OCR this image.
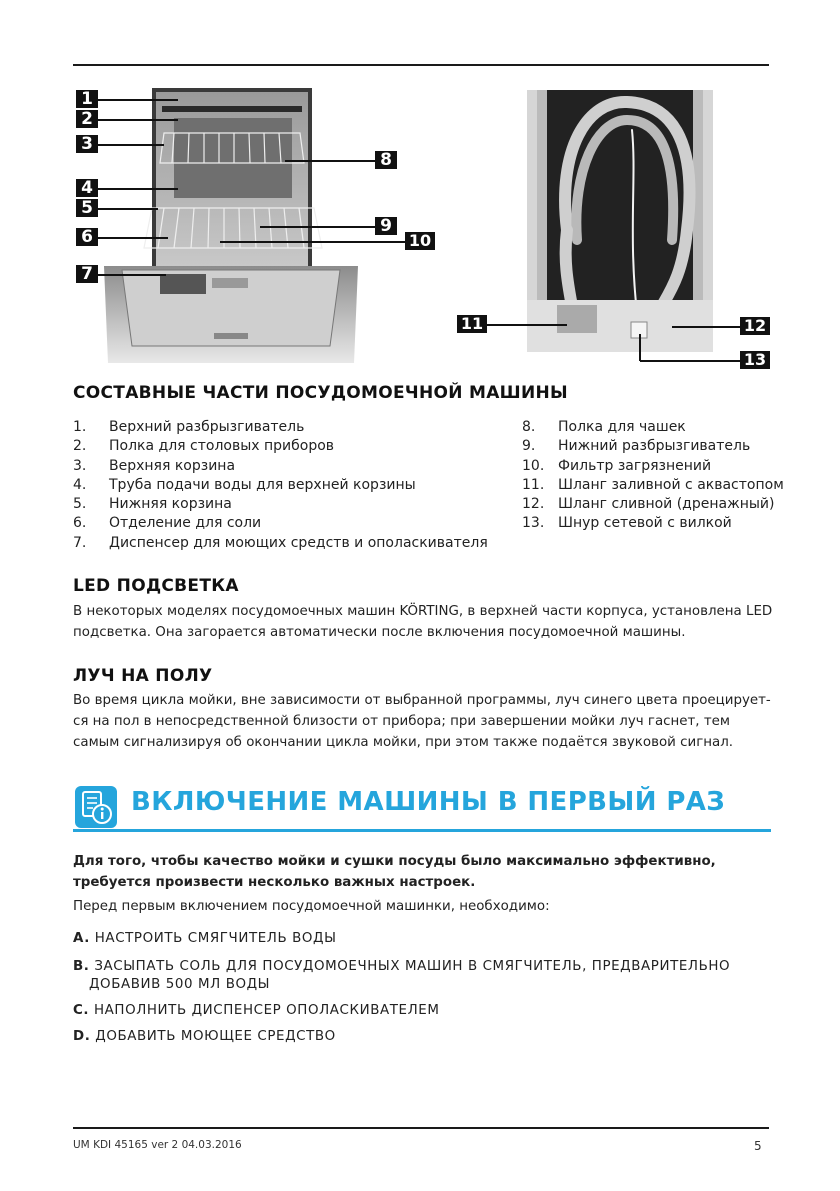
1
2
3
4
5
6
7
8
9
10
11	12
13
СОСТАВНЫЕ ЧАСТИ ПОСУДОМОЕЧНОЙ МАШИНЫ
1.	Верхний разбрызгиватель
2.	Полка для столовых приборов
3.	Верхняя корзина
4.	Труба подачи воды для верхней корзины
5.	Нижняя корзина
6.	Отделение для соли
7.	Диспенсер для моющих средств и ополаскивателя
8.	Полка для чашек
9.	Нижний разбрызгиватель
10. Фильтр загрязнений
11. Шланг заливной с аквастопом
12. Шланг сливной (дренажный)
13. Шнур сетевой с вилкой
LED ПОДСВЕТКА

В некоторых моделях посудомоечных машин KÖRTING, в верхней части корпуса, установлена LED подсветка. Она загорается автоматически после включения посудомоечной машины.

ЛУЧ НА ПОЛУ

Во время цикла мойки, вне зависимости от выбранной программы, луч синего цвета проецирует-ся на пол в непосредственной близости от прибора; при завершении мойки луч гаснет, тем самым сигнализируя об окончании цикла мойки, при этом также подаётся звуковой сигнал.

ВКЛЮЧЕНИЕ МАШИНЫ В ПЕРВЫЙ РАЗ

Для того, чтобы качество мойки и сушки посуды было максимально эффективно, требуется произвести несколько важных настроек.

Перед первым включением посудомоечной машинки, необходимо:

A. НАСТРОИТЬ СМЯГЧИТЕЛЬ ВОДЫ
B. ЗАСЫПАТЬ СОЛЬ ДЛЯ ПОСУДОМОЕЧНЫХ МАШИН В СМЯГЧИТЕЛЬ, ПРЕДВАРИТЕЛЬНО
ДОБАВИВ 500 МЛ ВОДЫ
C. НАПОЛНИТЬ ДИСПЕНСЕР ОПОЛАСКИВАТЕЛЕМ
D. ДОБАВИТЬ МОЮЩЕЕ СРЕДСТВО
UM KDI 45165 ver 2 04.03.2016	5
